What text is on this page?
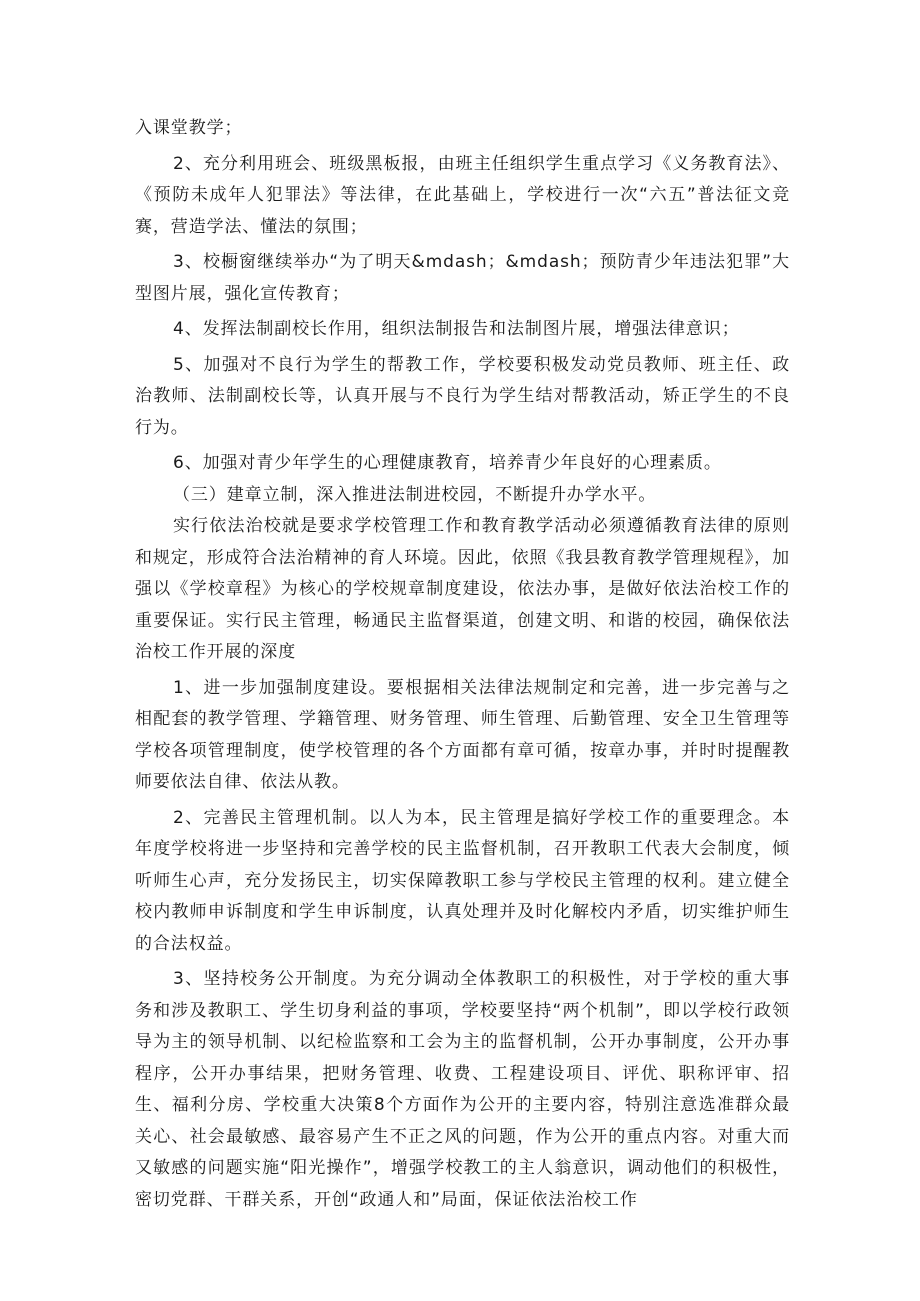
入课堂教学；

2、充分利用班会、班级黑板报，由班主任组织学生重点学习《义务教育法》、《预防未成年人犯罪法》等法律，在此基础上，学校进行一次“六五”普法征文竞赛，营造学法、懂法的氛围；

3、校橱窗继续举办“为了明天&mdash；&mdash；预防青少年违法犯罪”大型图片展，强化宣传教育；

4、发挥法制副校长作用，组织法制报告和法制图片展，增强法律意识；

5、加强对不良行为学生的帮教工作，学校要积极发动党员教师、班主任、政治教师、法制副校长等，认真开展与不良行为学生结对帮教活动，矫正学生的不良行为。

6、加强对青少年学生的心理健康教育，培养青少年良好的心理素质。

（三）建章立制，深入推进法制进校园，不断提升办学水平。

实行依法治校就是要求学校管理工作和教育教学活动必须遵循教育法律的原则和规定，形成符合法治精神的育人环境。因此，依照《我县教育教学管理规程》，加强以《学校章程》为核心的学校规章制度建设，依法办事，是做好依法治校工作的重要保证。实行民主管理，畅通民主监督渠道，创建文明、和谐的校园，确保依法治校工作开展的深度

1、进一步加强制度建设。要根据相关法律法规制定和完善，进一步完善与之相配套的教学管理、学籍管理、财务管理、师生管理、后勤管理、安全卫生管理等学校各项管理制度，使学校管理的各个方面都有章可循，按章办事，并时时提醒教师要依法自律、依法从教。

2、完善民主管理机制。以人为本，民主管理是搞好学校工作的重要理念。本年度学校将进一步坚持和完善学校的民主监督机制，召开教职工代表大会制度，倾听师生心声，充分发扬民主，切实保障教职工参与学校民主管理的权利。建立健全校内教师申诉制度和学生申诉制度，认真处理并及时化解校内矛盾，切实维护师生的合法权益。

3、坚持校务公开制度。为充分调动全体教职工的积极性，对于学校的重大事务和涉及教职工、学生切身利益的事项，学校要坚持“两个机制”，即以学校行政领导为主的领导机制、以纪检监察和工会为主的监督机制，公开办事制度，公开办事程序，公开办事结果，把财务管理、收费、工程建设项目、评优、职称评审、招生、福利分房、学校重大决策8个方面作为公开的主要内容，特别注意选准群众最关心、社会最敏感、最容易产生不正之风的问题，作为公开的重点内容。对重大而又敏感的问题实施“阳光操作”，增强学校教工的主人翁意识，调动他们的积极性，密切党群、干群关系，开创“政通人和”局面，保证依法治校工作
